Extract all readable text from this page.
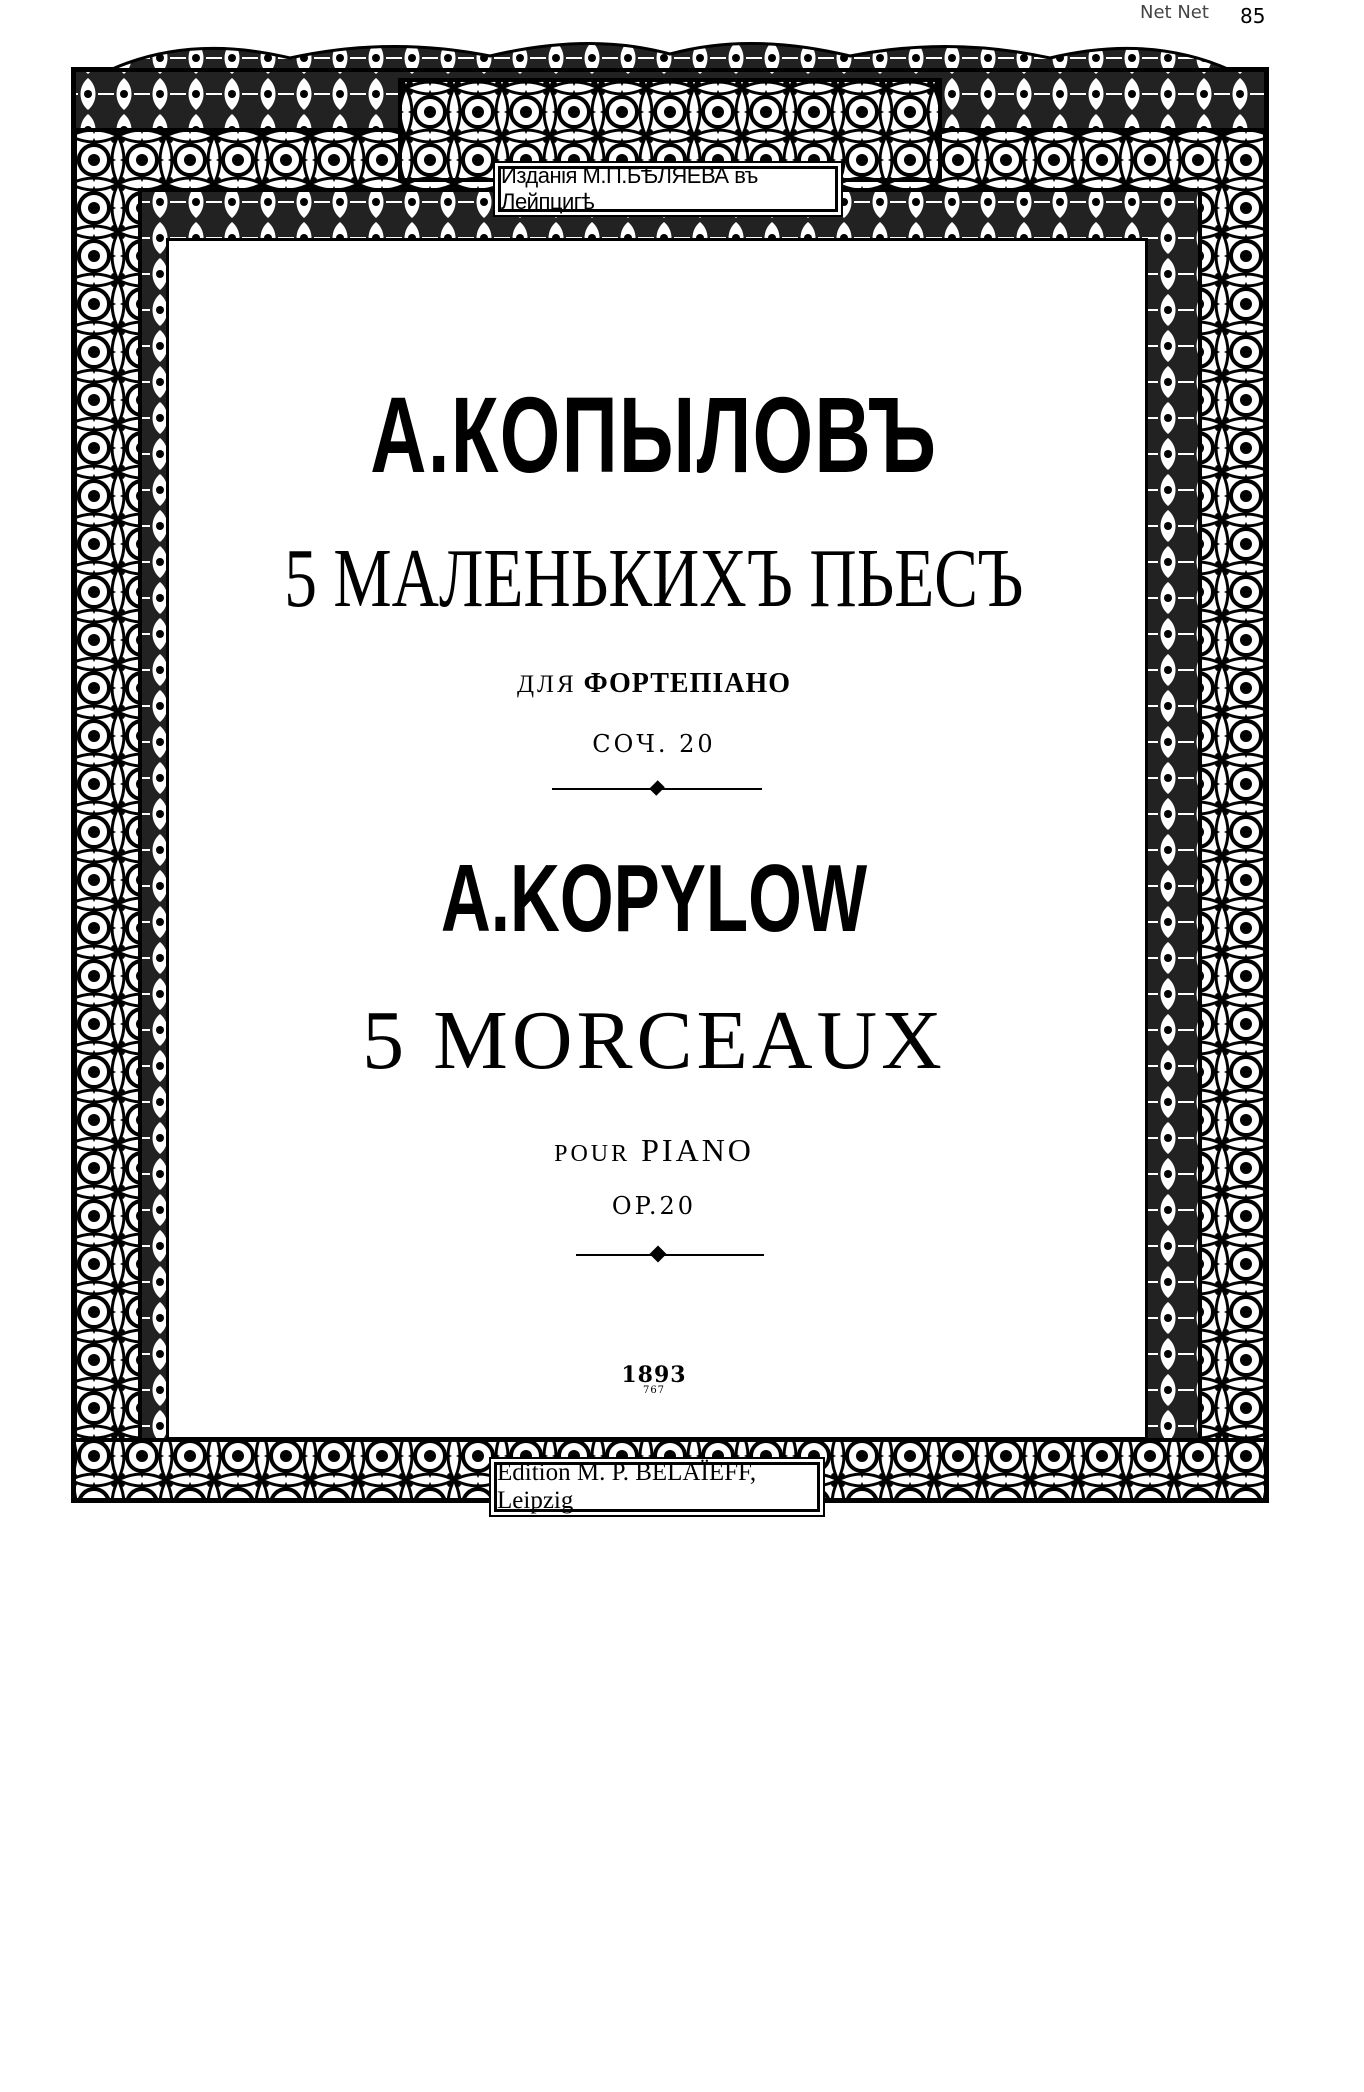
Изданія М.П.БѢЛЯЕВА въ Лейпцигѣ
А.КОПЫЛОВЪ
5 МАЛЕНЬКИХЪ ПЬЕСЪ
ДЛЯ ФОРТЕПІАНО
СОЧ. 20
A.KOPYLOW
5 MORCEAUX
POUR PIANO
OP.20
1893
767
Edition M. P. BELAÏEFF, Leipzig
Net Net 85
